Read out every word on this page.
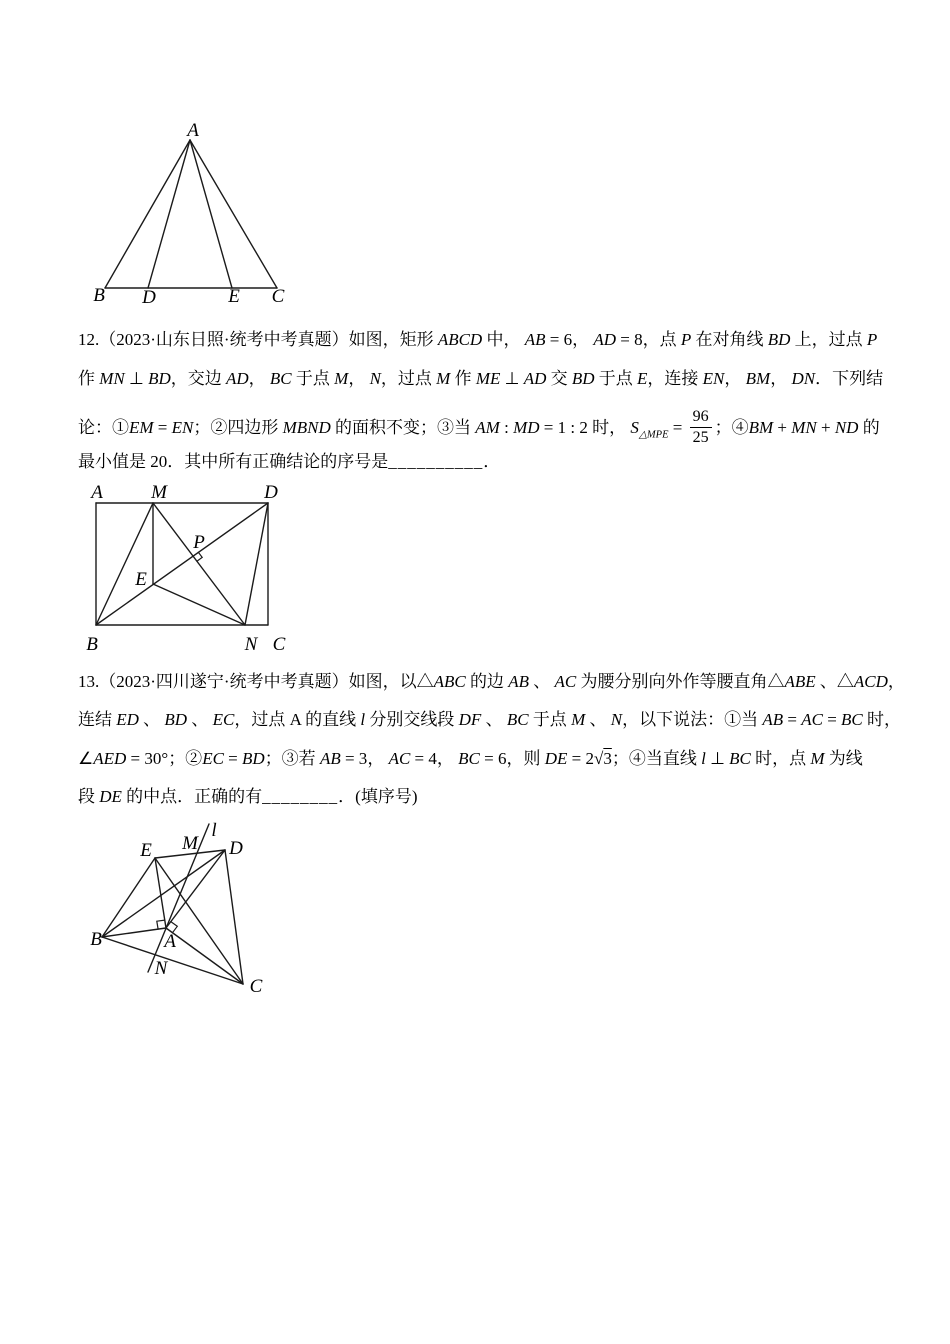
A
B D	E C
12.（2023·山东日照·统考中考真题）如图，矩形 ABCD 中， AB = 6， AD = 8，点 P 在对角线 BD 上，过点 P
作 MN ⊥ BD，交边 AD， BC 于点 M， N，过点 M 作 ME ⊥ AD 交 BD 于点 E，连接 EN， BM， DN．下列结
论：①EM = EN；②四边形 MBND 的面积不变；③当 AM : MD = 1 : 2 时， $S_{\triangle MPE} = \frac{96}{25}$ ；④BM + MN + ND 的
最小值是 20．其中所有正确结论的序号是__________．
A	M	D
B	N C
E
P
13.（2023·四川遂宁·统考中考真题）如图，以△ABC 的边 AB 、 AC 为腰分别向外作等腰直角△ABE 、△ACD，
连结 ED 、 BD 、 EC，过点 A 的直线 l 分别交线段 DF 、 BC 于点 M 、 N，以下说法：①当 AB = AC = BC 时，
∠AED = 30°；②EC = BD；③若 AB = 3， AC = 4， BC = 6，则 DE = 2√3；④当直线 l ⊥ BC 时，点 M 为线
段 DE 的中点．正确的有________．(填序号)
l
M
E	D
B	A
N
C
